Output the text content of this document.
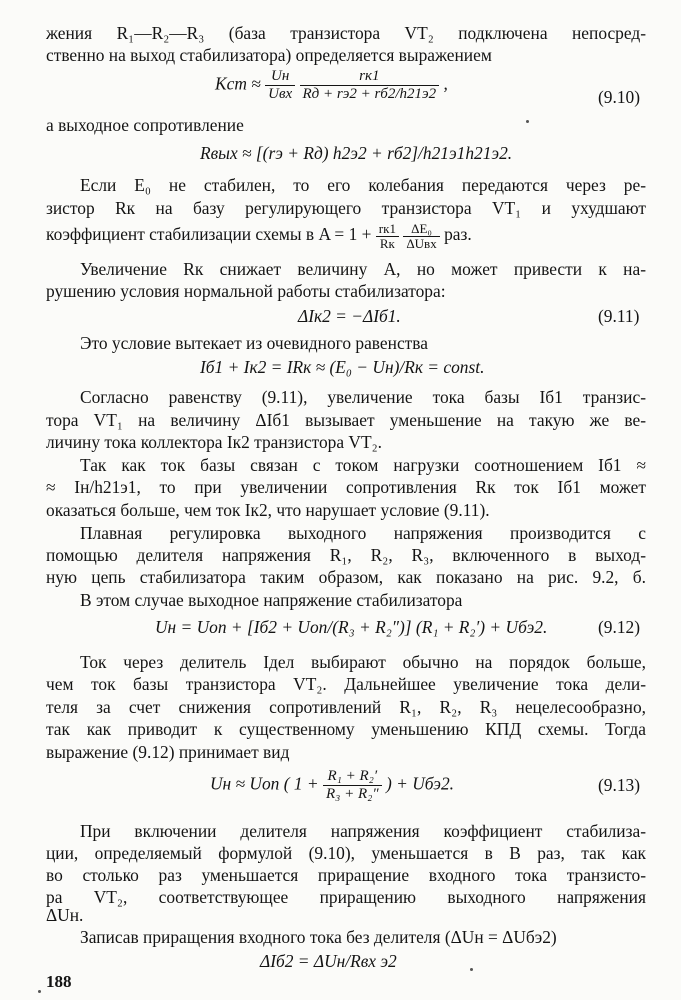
жения R₁—R₂—R₃ (база транзистора VT₂ подключена непосред-
ственно на выход стабилизатора) определяется выражением
Kст ≈ $\frac{Uн}{\text{Uвх}}$
$\frac{rк1}{Rд + rэ2 + rб2/h21э2}$ ,
(9.10)
а выходное сопротивление
Rвых ≈ [(rэ + Rд) h2э2 + rб2]/h21э1h21э2.
Если E₀ не стабилен, то его колебания передаются через ре-
зистор Rк на базу регулирующего транзистора VT₁ и ухудшают
коэффициент стабилизации схемы в $A = 1 + \frac{rк1}{Rк}$
$\frac{\text{ΔE₀}}{\text{ΔUвх}}$ раз.
Увеличение Rк снижает величину A, но может привести к на-
рушению условия нормальной работы стабилизатора:
ΔIк2 = −ΔIб1.	(9.11)
Это условие вытекает из очевидного равенства
Iб1 + Iк2 = IRк ≈ (E₀ − Uн)/Rк = const.
Согласно равенству (9.11), увеличение тока базы Iб1 транзис-
тора VT₁ на величину ΔIб1 вызывает уменьшение на такую же ве-
личину тока коллектора Iк2 транзистора VT₂.
Так как ток базы связан с током нагрузки соотношением Iб1 ≈
≈ Iн/h21э1, то при увеличении сопротивления Rк ток Iб1 может
оказаться больше, чем ток Iк2, что нарушает условие (9.11).
Плавная регулировка выходного напряжения производится с
помощью делителя напряжения R₁, R₂, R₃, включенного в выход-
ную цепь стабилизатора таким образом, как показано на рис. 9.2, б.
В этом случае выходное напряжение стабилизатора
Uн = Uоп + [Iб2 + Uоп/(R₃ + R₂″)] (R₁ + R₂′) + Uбэ2.	(9.12)
Ток через делитель Iдел выбирают обычно на порядок больше,
чем ток базы транзистора VT₂. Дальнейшее увеличение тока дели-
теля за счет снижения сопротивлений R₁, R₂, R₃ нецелесообразно,
так как приводит к существенному уменьшению КПД схемы. Тогда
выражение (9.12) принимает вид
Uн ≈ Uоп ( $1 + \frac{\text{R₁ + R₂′}}{\text{R₃ + R₂″}}$ ) + Uбэ2.	(9.13)
При включении делителя напряжения коэффициент стабилиза-
ции, определяемый формулой (9.10), уменьшается в B раз, так как
во столько раз уменьшается приращение входного тока транзисто-
ра VT₂, соответствующее приращению выходного напряжения
ΔUн.
Записав приращения входного тока без делителя (ΔUн = ΔUбэ2)
ΔIб2 = ΔUн/Rвх э2
188
